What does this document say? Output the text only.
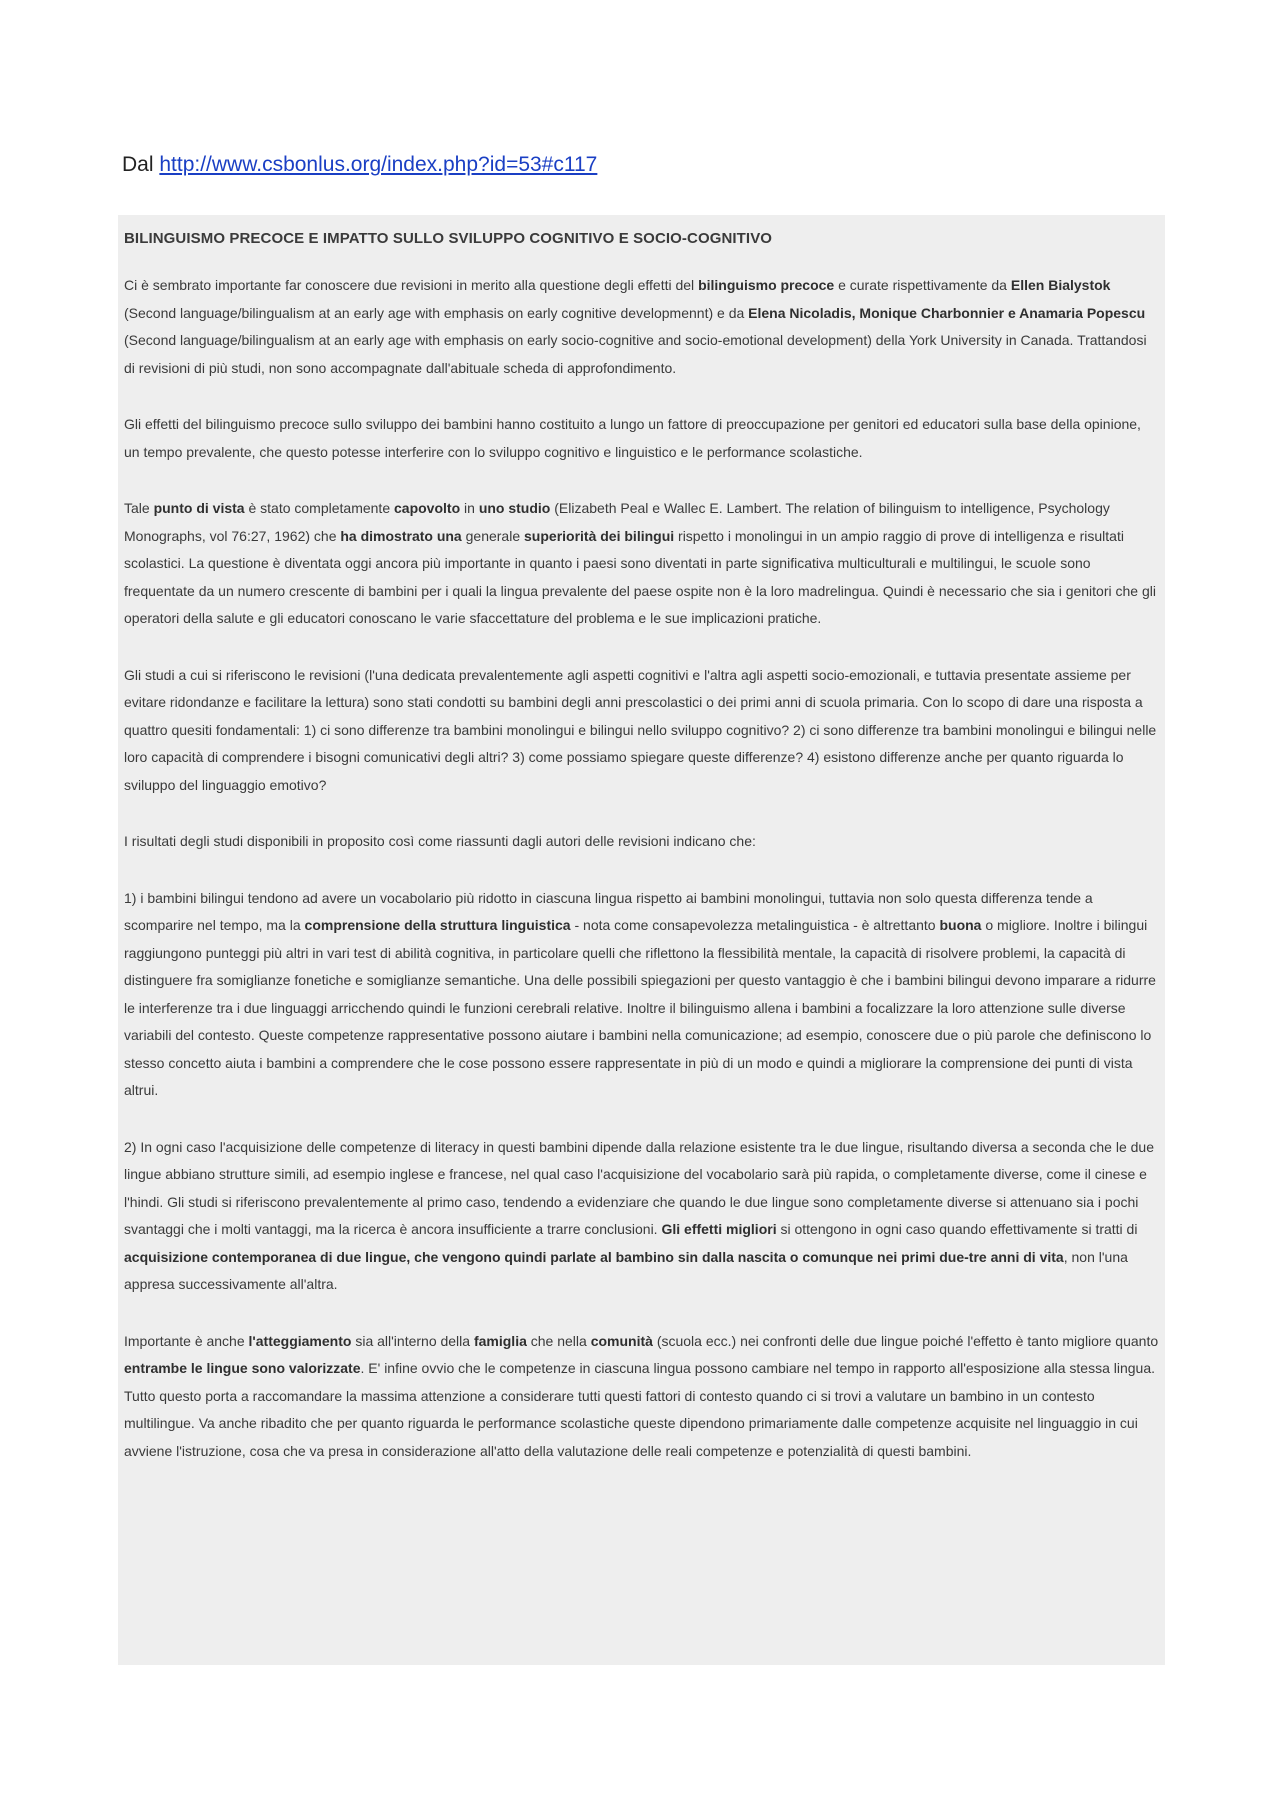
Dal http://www.csbonlus.org/index.php?id=53#c117
BILINGUISMO PRECOCE E IMPATTO SULLO SVILUPPO COGNITIVO E SOCIO-COGNITIVO

Ci è sembrato importante far conoscere due revisioni in merito alla questione degli effetti del bilinguismo precoce e curate rispettivamente da Ellen Bialystok (Second language/bilingualism at an early age with emphasis on early cognitive developmennt) e da Elena Nicoladis, Monique Charbonnier e Anamaria Popescu (Second language/bilingualism at an early age with emphasis on early socio-cognitive and socio-emotional development) della York University in Canada. Trattandosi di revisioni di più studi, non sono accompagnate dall'abituale scheda di approfondimento.

Gli effetti del bilinguismo precoce sullo sviluppo dei bambini hanno costituito a lungo un fattore di preoccupazione per genitori ed educatori sulla base della opinione, un tempo prevalente, che questo potesse interferire con lo sviluppo cognitivo e linguistico e le performance scolastiche.

Tale punto di vista è stato completamente capovolto in uno studio (Elizabeth Peal e Wallec E. Lambert. The relation of bilinguism to intelligence, Psychology Monographs, vol 76:27, 1962) che ha dimostrato una generale superiorità dei bilingui rispetto i monolingui in un ampio raggio di prove di intelligenza e risultati scolastici. La questione è diventata oggi ancora più importante in quanto i paesi sono diventati in parte significativa multiculturali e multilingui, le scuole sono frequentate da un numero crescente di bambini per i quali la lingua prevalente del paese ospite non è la loro madrelingua. Quindi è necessario che sia i genitori che gli operatori della salute e gli educatori conoscano le varie sfaccettature del problema e le sue implicazioni pratiche.

Gli studi a cui si riferiscono le revisioni (l'una dedicata prevalentemente agli aspetti cognitivi e l'altra agli aspetti socio-emozionali, e tuttavia presentate assieme per evitare ridondanze e facilitare la lettura) sono stati condotti su bambini degli anni prescolastici o dei primi anni di scuola primaria. Con lo scopo di dare una risposta a quattro quesiti fondamentali: 1) ci sono differenze tra bambini monolingui e bilingui nello sviluppo cognitivo? 2) ci sono differenze tra bambini monolingui e bilingui nelle loro capacità di comprendere i bisogni comunicativi degli altri? 3) come possiamo spiegare queste differenze? 4) esistono differenze anche per quanto riguarda lo sviluppo del linguaggio emotivo?

I risultati degli studi disponibili in proposito così come riassunti dagli autori delle revisioni indicano che:

1) i bambini bilingui tendono ad avere un vocabolario più ridotto in ciascuna lingua rispetto ai bambini monolingui, tuttavia non solo questa differenza tende a scomparire nel tempo, ma la comprensione della struttura linguistica - nota come consapevolezza metalinguistica - è altrettanto buona o migliore. Inoltre i bilingui raggiungono punteggi più altri in vari test di abilità cognitiva, in particolare quelli che riflettono la flessibilità mentale, la capacità di risolvere problemi, la capacità di distinguere fra somiglianze fonetiche e somiglianze semantiche. Una delle possibili spiegazioni per questo vantaggio è che i bambini bilingui devono imparare a ridurre le interferenze tra i due linguaggi arricchendo quindi le funzioni cerebrali relative. Inoltre il bilinguismo allena i bambini a focalizzare la loro attenzione sulle diverse variabili del contesto. Queste competenze rappresentative possono aiutare i bambini nella comunicazione; ad esempio, conoscere due o più parole che definiscono lo stesso concetto aiuta i bambini a comprendere che le cose possono essere rappresentate in più di un modo e quindi a migliorare la comprensione dei punti di vista altrui.

2) In ogni caso l'acquisizione delle competenze di literacy in questi bambini dipende dalla relazione esistente tra le due lingue, risultando diversa a seconda che le due lingue abbiano strutture simili, ad esempio inglese e francese, nel qual caso l'acquisizione del vocabolario sarà più rapida, o completamente diverse, come il cinese e l'hindi. Gli studi si riferiscono prevalentemente al primo caso, tendendo a evidenziare che quando le due lingue sono completamente diverse si attenuano sia i pochi svantaggi che i molti vantaggi, ma la ricerca è ancora insufficiente a trarre conclusioni. Gli effetti migliori si ottengono in ogni caso quando effettivamente si tratti di acquisizione contemporanea di due lingue, che vengono quindi parlate al bambino sin dalla nascita o comunque nei primi due-tre anni di vita, non l'una appresa successivamente all'altra.

Importante è anche l'atteggiamento sia all'interno della famiglia che nella comunità (scuola ecc.) nei confronti delle due lingue poiché l'effetto è tanto migliore quanto entrambe le lingue sono valorizzate. E' infine ovvio che le competenze in ciascuna lingua possono cambiare nel tempo in rapporto all'esposizione alla stessa lingua. Tutto questo porta a raccomandare la massima attenzione a considerare tutti questi fattori di contesto quando ci si trovi a valutare un bambino in un contesto multilingue. Va anche ribadito che per quanto riguarda le performance scolastiche queste dipendono primariamente dalle competenze acquisite nel linguaggio in cui avviene l'istruzione, cosa che va presa in considerazione all'atto della valutazione delle reali competenze e potenzialità di questi bambini.
